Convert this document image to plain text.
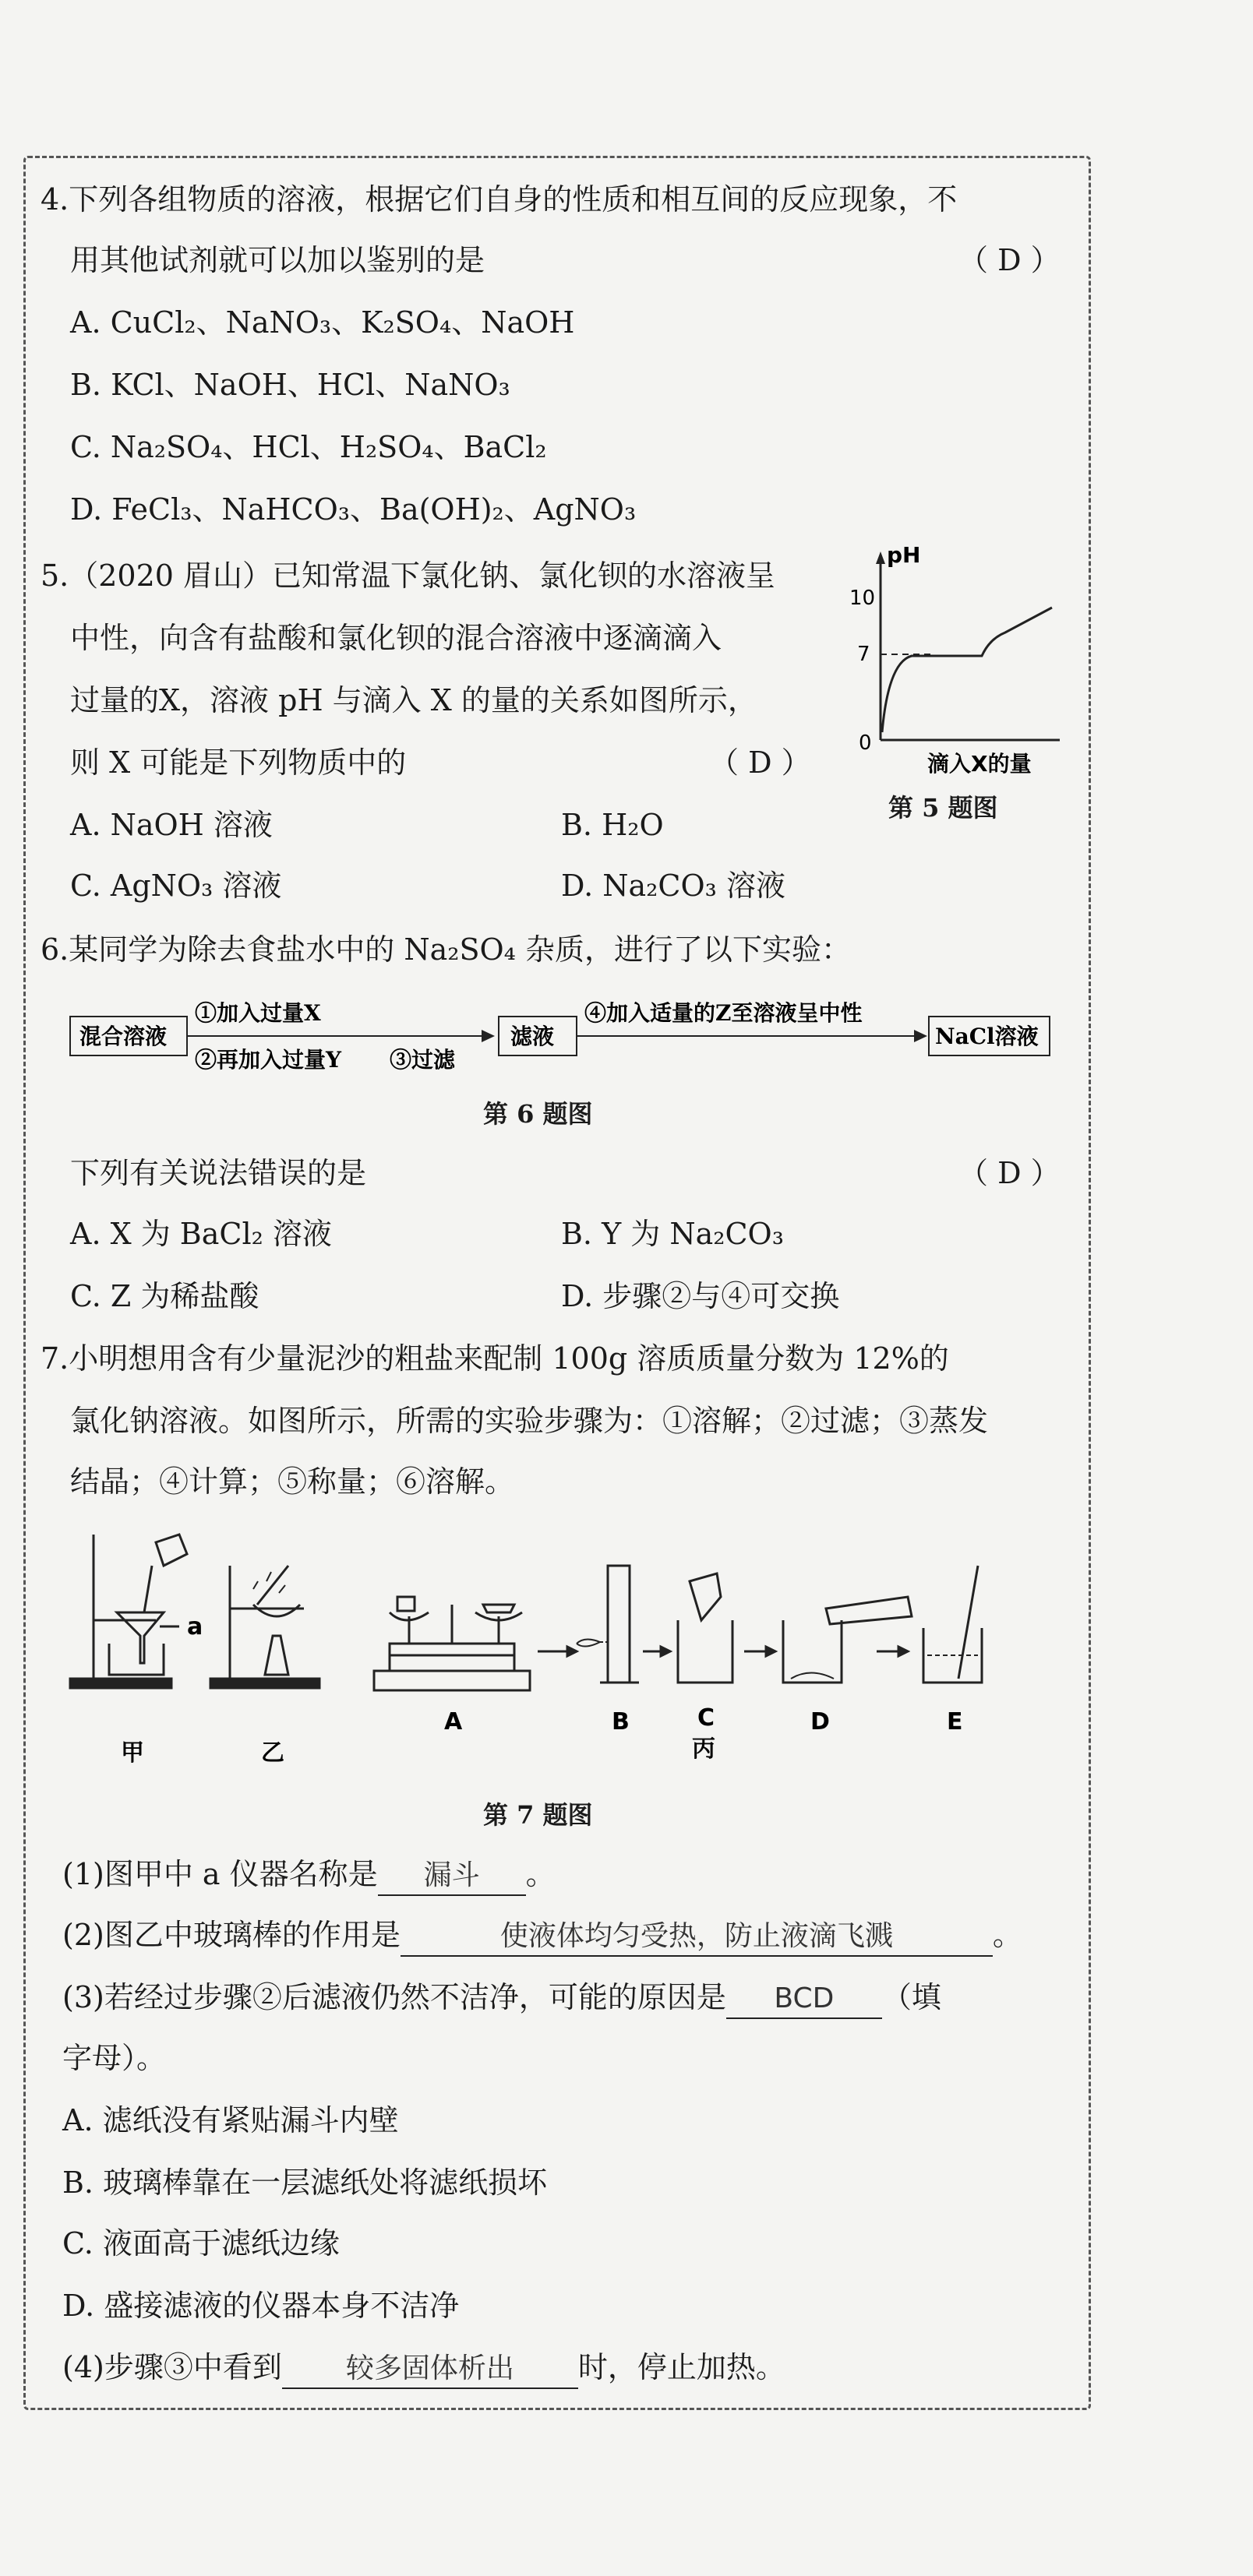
4.下列各组物质的溶液，根据它们自身的性质和相互间的反应现象，不
用其他试剂就可以加以鉴别的是	（ D ）
A. CuCl₂、NaNO₃、K₂SO₄、NaOH
B. KCl、NaOH、HCl、NaNO₃
C. Na₂SO₄、HCl、H₂SO₄、BaCl₂
D. FeCl₃、NaHCO₃、Ba(OH)₂、AgNO₃
5.（2020 眉山）已知常温下氯化钠、氯化钡的水溶液呈
中性，向含有盐酸和氯化钡的混合溶液中逐滴滴入
过量的X，溶液 pH 与滴入 X 的量的关系如图所示，
则 X 可能是下列物质中的	（ D ）
pH
10
7
0
滴入X的量
第 5 题图
A. NaOH 溶液	B. H₂O
C. AgNO₃ 溶液	D. Na₂CO₃ 溶液
6.某同学为除去食盐水中的 Na₂SO₄ 杂质，进行了以下实验：
混合溶液
①加入过量X
②再加入过量Y ③过滤
滤液
④加入适量的Z至溶液呈中性
NaCl溶液
第 6 题图
下列有关说法错误的是	（ D ）
A. X 为 BaCl₂ 溶液	B. Y 为 Na₂CO₃
C. Z 为稀盐酸	D. 步骤②与④可交换
7.小明想用含有少量泥沙的粗盐来配制 100g 溶质质量分数为 12%的
氯化钠溶液。如图所示，所需的实验步骤为：①溶解；②过滤；③蒸发
结晶；④计算；⑤称量；⑥溶解。
a
甲	乙
A	B	C
丙
D	E
第 7 题图
(1)图甲中 a 仪器名称是 漏斗 。
(2)图乙中玻璃棒的作用是	使液体均匀受热，防止液滴飞溅	。
(3)若经过步骤②后滤液仍然不洁净，可能的原因是 BCD （填
字母）。
A. 滤纸没有紧贴漏斗内壁
B. 玻璃棒靠在一层滤纸处将滤纸损坏
C. 液面高于滤纸边缘
D. 盛接滤液的仪器本身不洁净
(4)步骤③中看到 较多固体析出 时，停止加热。
